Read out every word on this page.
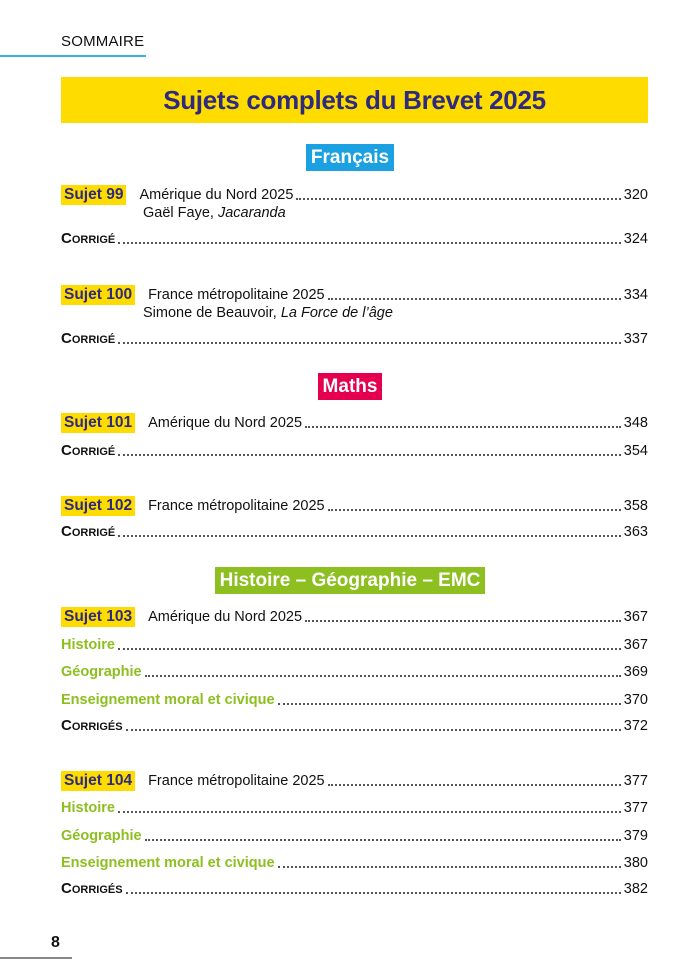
SOMMAIRE
Sujets complets du Brevet 2025
Français
Maths
Histoire – Géographie – EMC
Sujet 99 Amérique du Nord 2025	320
Gaël Faye, Jacaranda
Corrigé	324
Sujet 100 France métropolitaine 2025	334
Simone de Beauvoir, La Force de l’âge
Corrigé	337
Sujet 101 Amérique du Nord 2025	348
Corrigé	354
Sujet 102 France métropolitaine 2025	358
Corrigé	363
Sujet 103 Amérique du Nord 2025	367
Histoire	367
Géographie	369
Enseignement moral et civique	370
Corrigés	372
Sujet 104 France métropolitaine 2025	377
Histoire	377
Géographie	379
Enseignement moral et civique	380
Corrigés	382
8
